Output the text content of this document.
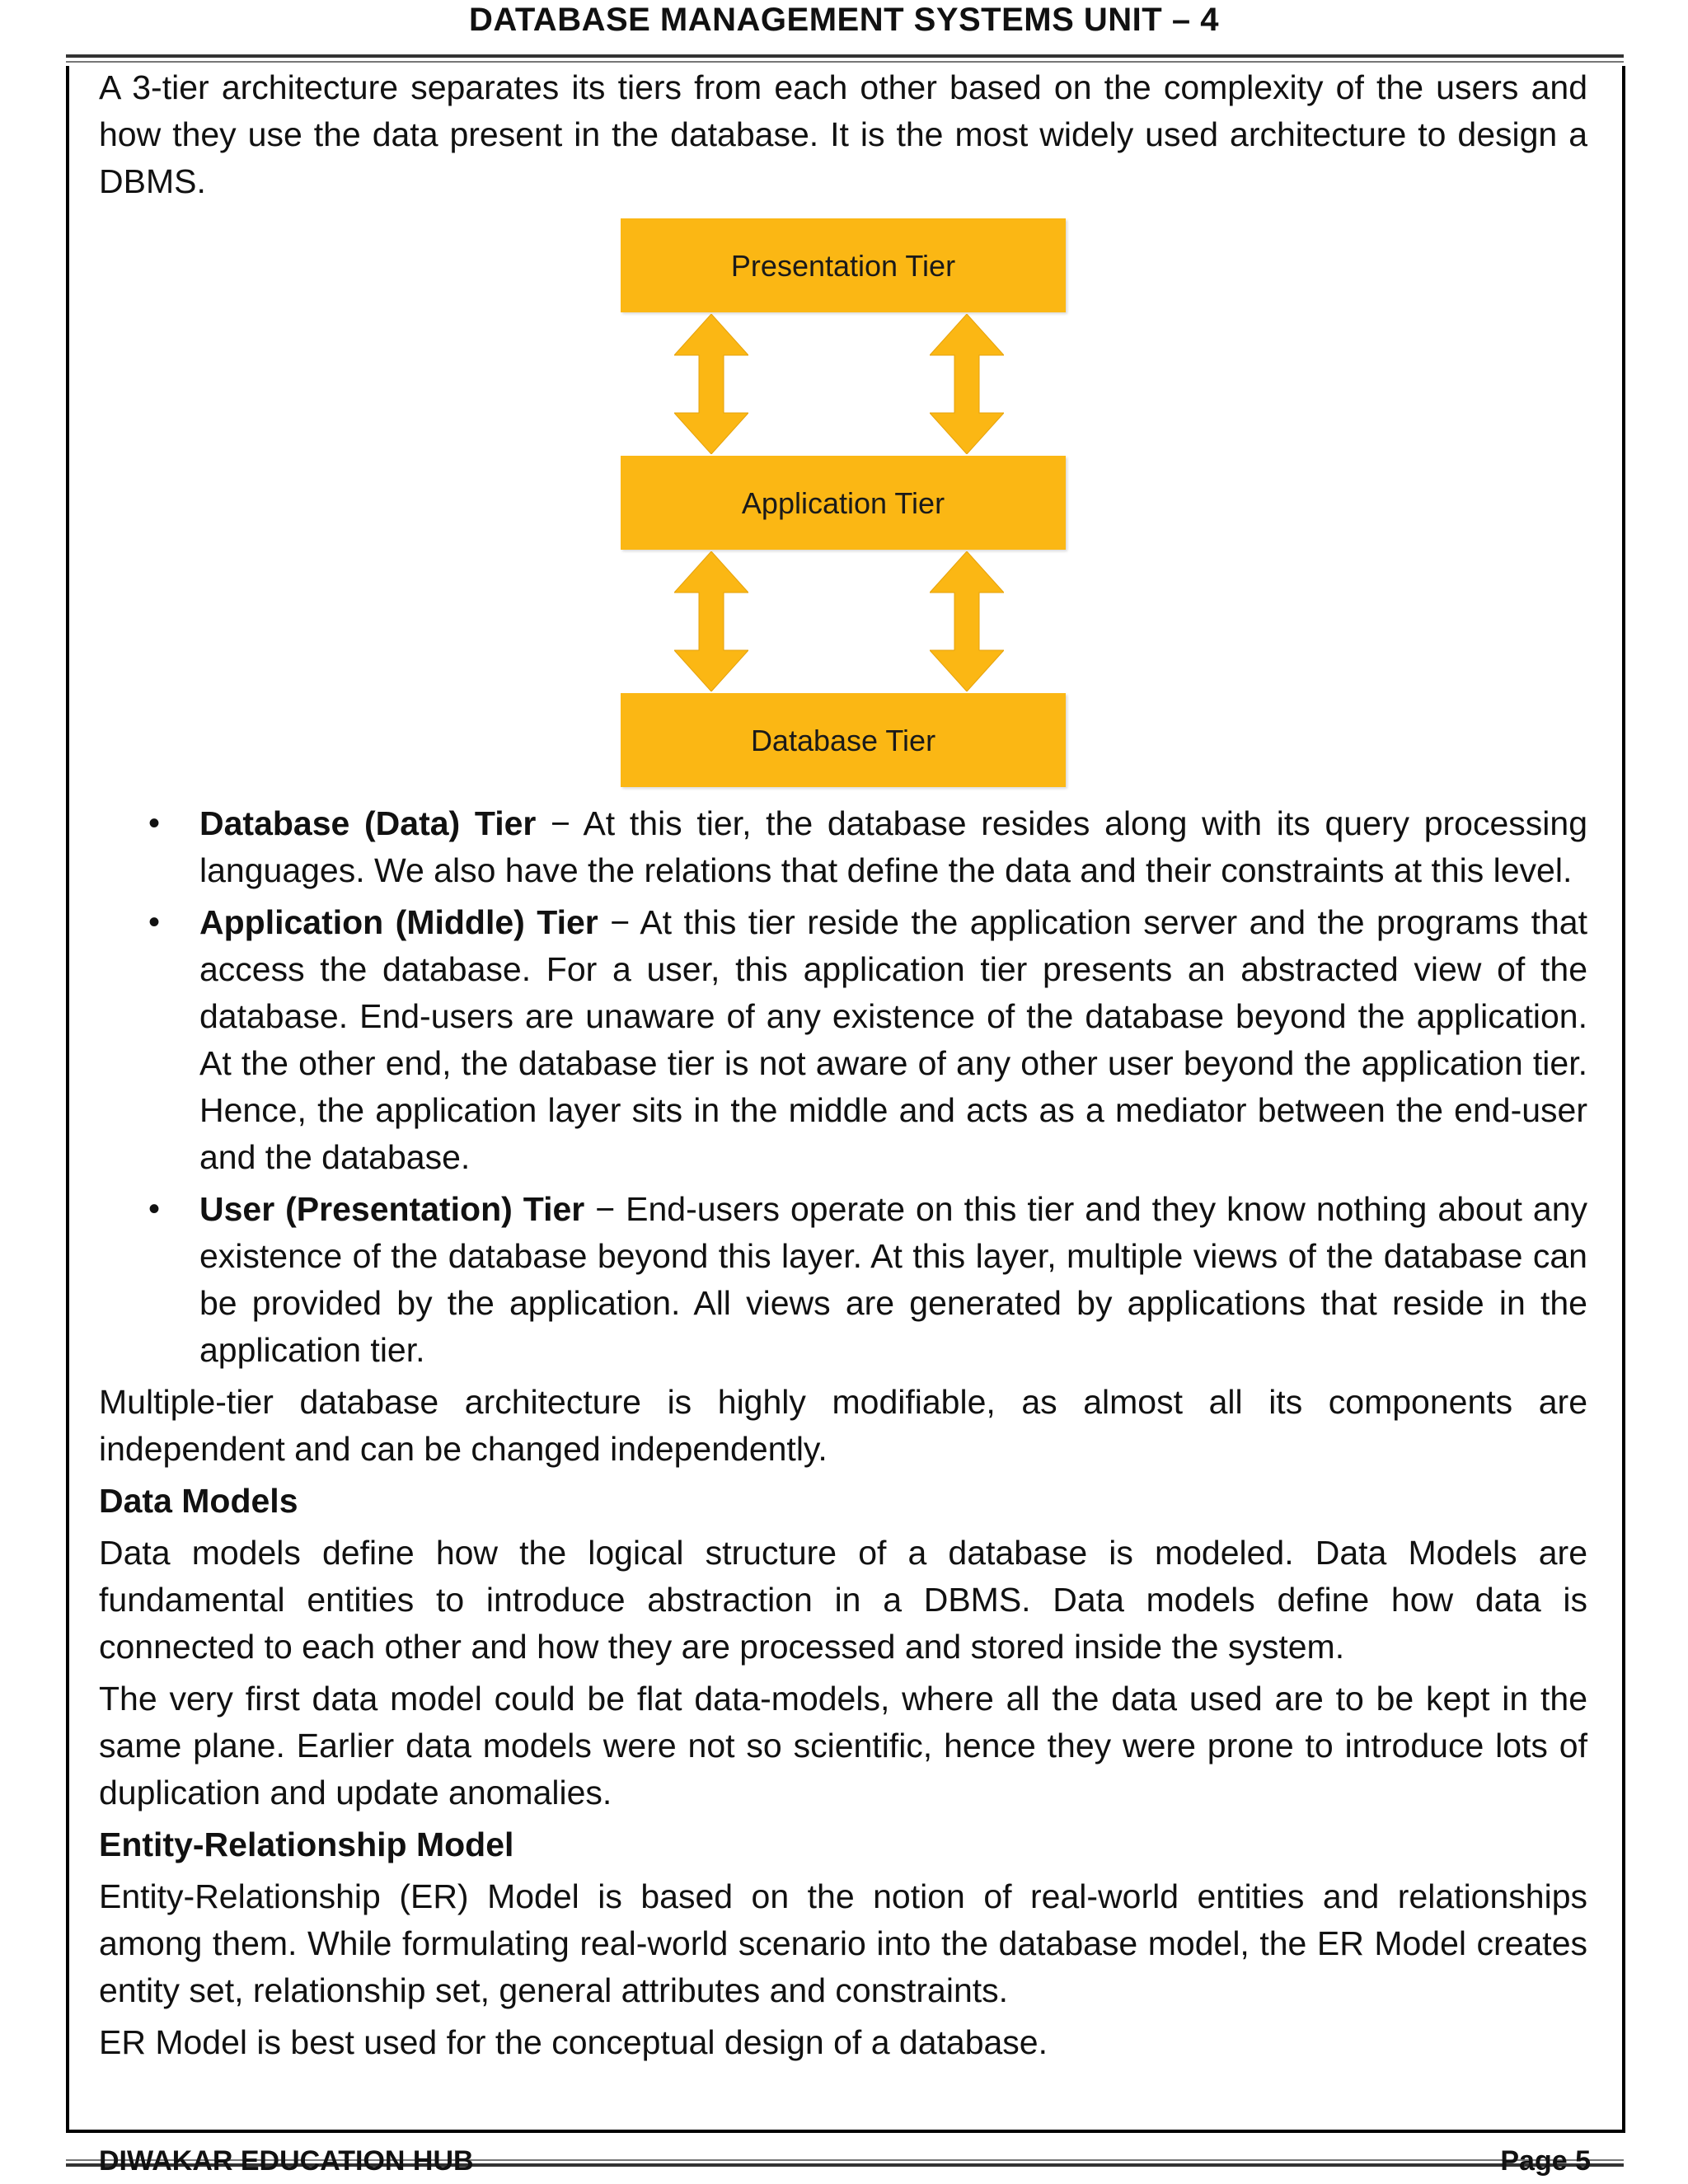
DATABASE MANAGEMENT SYSTEMS UNIT – 4

A 3-tier architecture separates its tiers from each other based on the complexity of the users and how they use the data present in the database. It is the most widely used architecture to design a DBMS.

Presentation Tier
Application Tier
Database Tier
• Database (Data) Tier − At this tier, the database resides along with its query processing languages. We also have the relations that define the data and their constraints at this level.
• Application (Middle) Tier − At this tier reside the application server and the programs that access the database. For a user, this application tier presents an abstracted view of the database. End-users are unaware of any existence of the database beyond the application. At the other end, the database tier is not aware of any other user beyond the application tier. Hence, the application layer sits in the middle and acts as a mediator between the end-user and the database.
• User (Presentation) Tier − End-users operate on this tier and they know nothing about any existence of the database beyond this layer. At this layer, multiple views of the database can be provided by the application. All views are generated by applications that reside in the application tier.

Multiple-tier database architecture is highly modifiable, as almost all its components are independent and can be changed independently.

Data Models

Data models define how the logical structure of a database is modeled. Data Models are fundamental entities to introduce abstraction in a DBMS. Data models define how data is connected to each other and how they are processed and stored inside the system.

The very first data model could be flat data-models, where all the data used are to be kept in the same plane. Earlier data models were not so scientific, hence they were prone to introduce lots of duplication and update anomalies.

Entity-Relationship Model

Entity-Relationship (ER) Model is based on the notion of real-world entities and relationships among them. While formulating real-world scenario into the database model, the ER Model creates entity set, relationship set, general attributes and constraints.

ER Model is best used for the conceptual design of a database.

DIWAKAR EDUCATION HUB	Page 5
